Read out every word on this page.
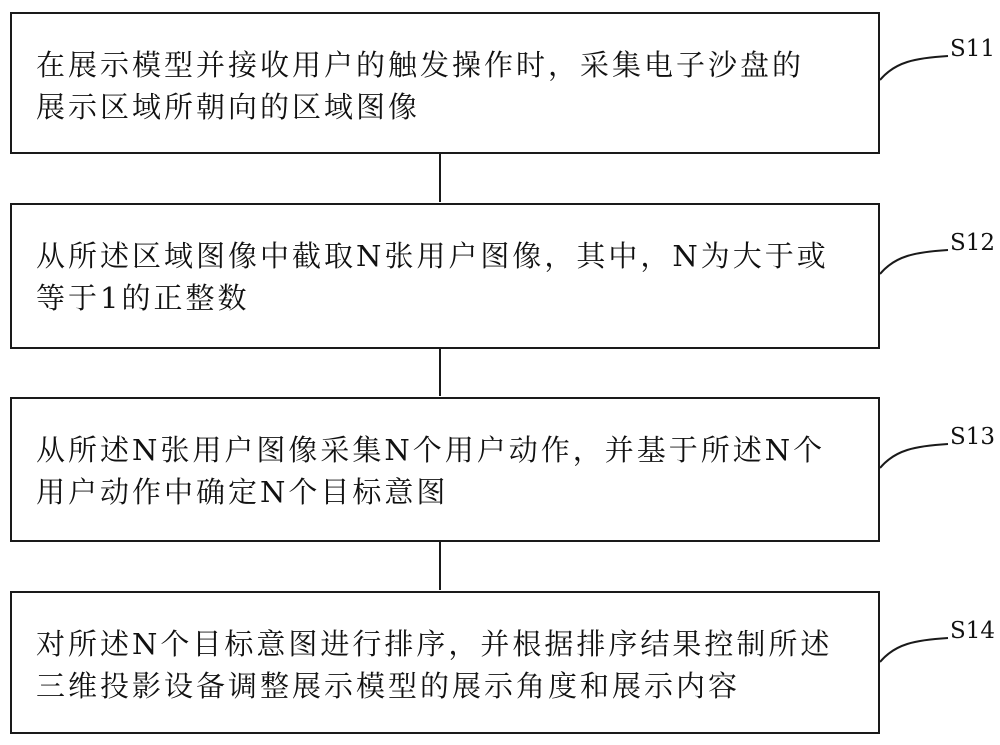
在展示模型并接收用户的触发操作时，采集电子沙盘的
展示区域所朝向的区域图像

S11

从所述区域图像中截取N张用户图像，其中，N为大于或
等于1的正整数

S12

从所述N张用户图像采集N个用户动作，并基于所述N个
用户动作中确定N个目标意图

S13

对所述N个目标意图进行排序，并根据排序结果控制所述
三维投影设备调整展示模型的展示角度和展示内容

S14
